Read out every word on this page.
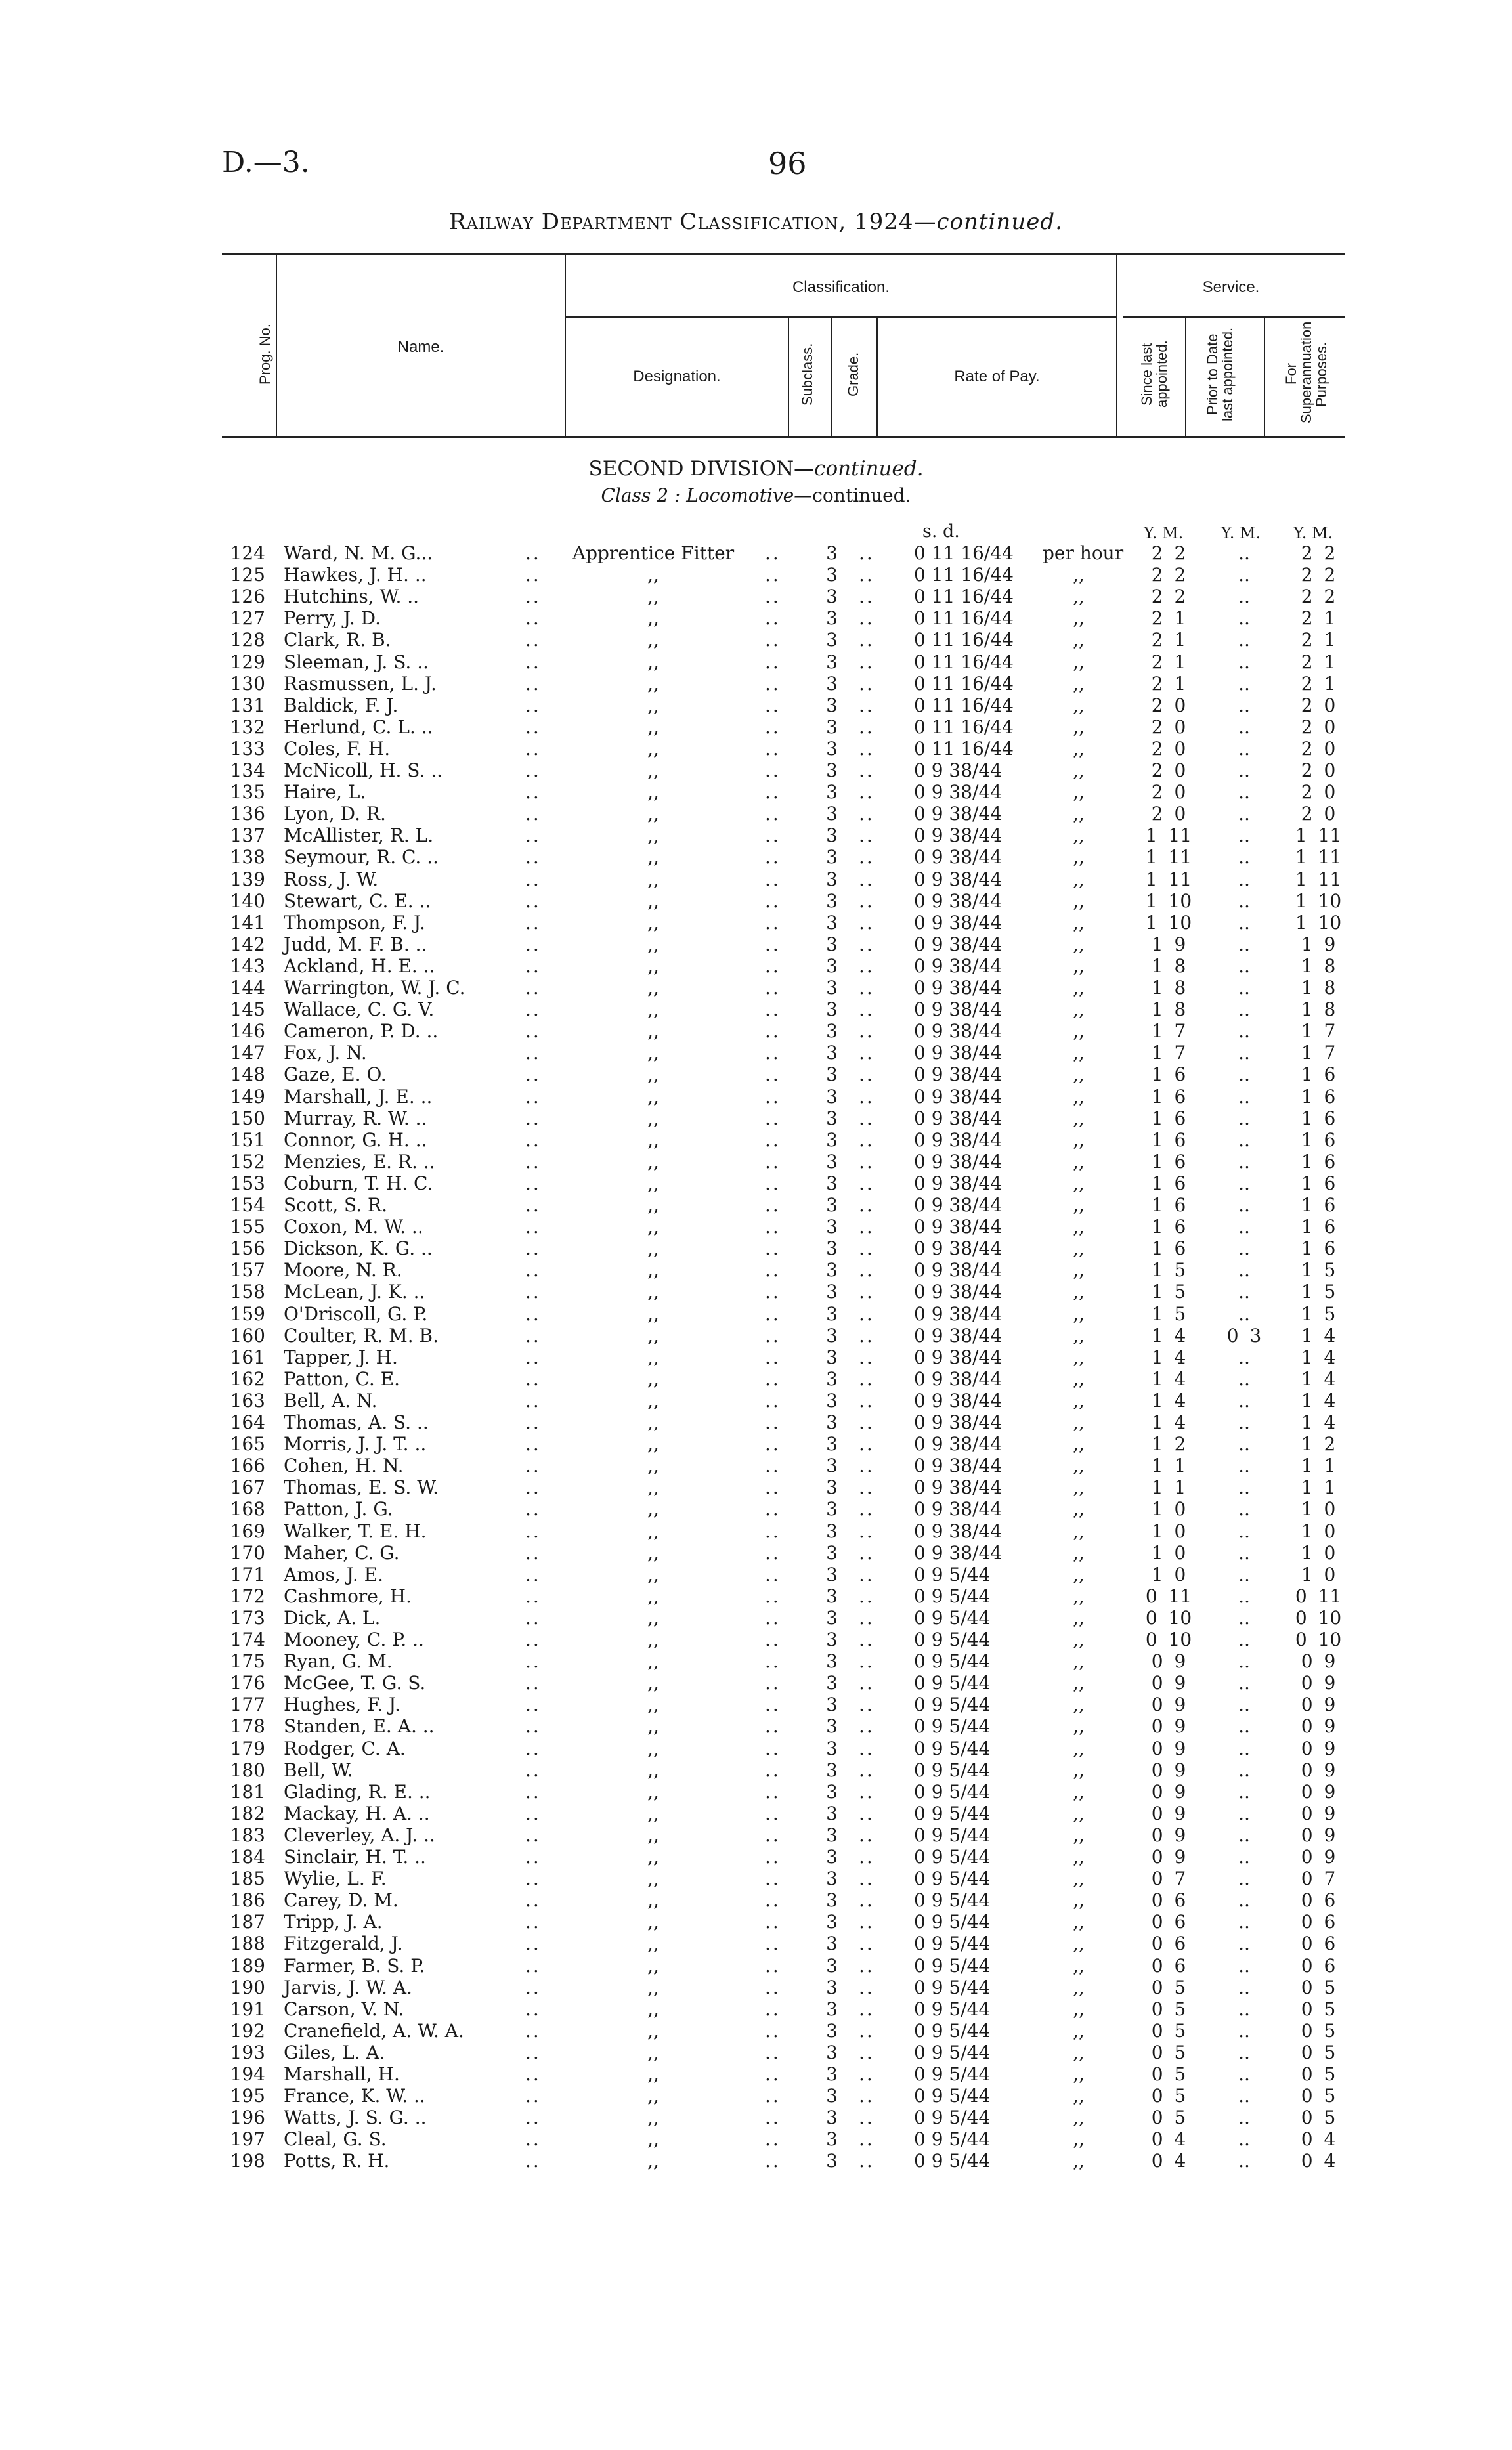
D.—3.	96
Railway Department Classification, 1924—continued.
Prog. No.	Name.
Classification.	Service.
Designation.	Subclass. Grade.	Rate of Pay.	Since last appointed. Prior to Date last appointed.	For Superannuation Purposes.
SECOND DIVISION—continued.
Class 2 : Locomotive—continued.
s. d.	Y. M. Y. M. Y. M.
124 Ward, N. M. G...	..	Apprentice Fitter	.. 3 .. 0 11 16/44 per hour	2 2	..	2 2
125 Hawkes, J. H. ..	..	,,	.. 3 .. 0 11 16/44	,,	2 2	..	2 2
126 Hutchins, W. ..	..	,,	.. 3 .. 0 11 16/44	,,	2 2	..	2 2
127 Perry, J. D.	..	,,	.. 3 .. 0 11 16/44	,,	2 1	..	2 1
128 Clark, R. B.	..	,,	.. 3 .. 0 11 16/44	,,	2 1	..	2 1
129 Sleeman, J. S. ..	..	,,	.. 3 .. 0 11 16/44	,,	2 1	..	2 1
130 Rasmussen, L. J.	..	,,	.. 3 .. 0 11 16/44	,,	2 1	..	2 1
131 Baldick, F. J.	..	,,	.. 3 .. 0 11 16/44	,,	2 0	..	2 0
132 Herlund, C. L. ..	..	,,	.. 3 .. 0 11 16/44	,,	2 0	..	2 0
133 Coles, F. H.	..	,,	.. 3 .. 0 11 16/44	,,	2 0	..	2 0
134 McNicoll, H. S. ..	..	,,	.. 3 .. 0 9 38/44	,,	2 0	..	2 0
135 Haire, L.	..	,,	.. 3 .. 0 9 38/44	,,	2 0	..	2 0
136 Lyon, D. R.	..	,,	.. 3 .. 0 9 38/44	,,	2 0	..	2 0
137 McAllister, R. L.	..	,,	.. 3 .. 0 9 38/44	,,	1 11	..	1 11
138 Seymour, R. C. ..	..	,,	.. 3 .. 0 9 38/44	,,	1 11	..	1 11
139 Ross, J. W.	..	,,	.. 3 .. 0 9 38/44	,,	1 11	..	1 11
140 Stewart, C. E. ..	..	,,	.. 3 .. 0 9 38/44	,,	1 10	..	1 10
141 Thompson, F. J.	..	,,	.. 3 .. 0 9 38/44	,,	1 10	..	1 10
142 Judd, M. F. B. ..	..	,,	.. 3 .. 0 9 38/44	,,	1 9	..	1 9
143 Ackland, H. E. ..	..	,,	.. 3 .. 0 9 38/44	,,	1 8	..	1 8
144 Warrington, W. J. C.	..	,,	.. 3 .. 0 9 38/44	,,	1 8	..	1 8
145 Wallace, C. G. V.	..	,,	.. 3 .. 0 9 38/44	,,	1 8	..	1 8
146 Cameron, P. D. ..	..	,,	.. 3 .. 0 9 38/44	,,	1 7	..	1 7
147 Fox, J. N.	..	,,	.. 3 .. 0 9 38/44	,,	1 7	..	1 7
148 Gaze, E. O.	..	,,	.. 3 .. 0 9 38/44	,,	1 6	..	1 6
149 Marshall, J. E. ..	..	,,	.. 3 .. 0 9 38/44	,,	1 6	..	1 6
150 Murray, R. W. ..	..	,,	.. 3 .. 0 9 38/44	,,	1 6	..	1 6
151 Connor, G. H. ..	..	,,	.. 3 .. 0 9 38/44	,,	1 6	..	1 6
152 Menzies, E. R. ..	..	,,	.. 3 .. 0 9 38/44	,,	1 6	..	1 6
153 Coburn, T. H. C.	..	,,	.. 3 .. 0 9 38/44	,,	1 6	..	1 6
154 Scott, S. R.	..	,,	.. 3 .. 0 9 38/44	,,	1 6	..	1 6
155 Coxon, M. W. ..	..	,,	.. 3 .. 0 9 38/44	,,	1 6	..	1 6
156 Dickson, K. G. ..	..	,,	.. 3 .. 0 9 38/44	,,	1 6	..	1 6
157 Moore, N. R.	..	,,	.. 3 .. 0 9 38/44	,,	1 5	..	1 5
158 McLean, J. K. ..	..	,,	.. 3 .. 0 9 38/44	,,	1 5	..	1 5
159 O'Driscoll, G. P.	..	,,	.. 3 .. 0 9 38/44	,,	1 5	..	1 5
160 Coulter, R. M. B.	..	,,	.. 3 .. 0 9 38/44	,,	1 4	0 3	1 4
161 Tapper, J. H.	..	,,	.. 3 .. 0 9 38/44	,,	1 4	..	1 4
162 Patton, C. E.	..	,,	.. 3 .. 0 9 38/44	,,	1 4	..	1 4
163 Bell, A. N.	..	,,	.. 3 .. 0 9 38/44	,,	1 4	..	1 4
164 Thomas, A. S. ..	..	,,	.. 3 .. 0 9 38/44	,,	1 4	..	1 4
165 Morris, J. J. T. ..	..	,,	.. 3 .. 0 9 38/44	,,	1 2	..	1 2
166 Cohen, H. N.	..	,,	.. 3 .. 0 9 38/44	,,	1 1	..	1 1
167 Thomas, E. S. W.	..	,,	.. 3 .. 0 9 38/44	,,	1 1	..	1 1
168 Patton, J. G.	..	,,	.. 3 .. 0 9 38/44	,,	1 0	..	1 0
169 Walker, T. E. H.	..	,,	.. 3 .. 0 9 38/44	,,	1 0	..	1 0
170 Maher, C. G.	..	,,	.. 3 .. 0 9 38/44	,,	1 0	..	1 0
171 Amos, J. E.	..	,,	.. 3 .. 0 9 5/44	,,	1 0	..	1 0
172 Cashmore, H.	..	,,	.. 3 .. 0 9 5/44	,,	0 11	..	0 11
173 Dick, A. L.	..	,,	.. 3 .. 0 9 5/44	,,	0 10	..	0 10
174 Mooney, C. P. ..	..	,,	.. 3 .. 0 9 5/44	,,	0 10	..	0 10
175 Ryan, G. M.	..	,,	.. 3 .. 0 9 5/44	,,	0 9	..	0 9
176 McGee, T. G. S.	..	,,	.. 3 .. 0 9 5/44	,,	0 9	..	0 9
177 Hughes, F. J.	..	,,	.. 3 .. 0 9 5/44	,,	0 9	..	0 9
178 Standen, E. A. ..	..	,,	.. 3 .. 0 9 5/44	,,	0 9	..	0 9
179 Rodger, C. A.	..	,,	.. 3 .. 0 9 5/44	,,	0 9	..	0 9
180 Bell, W.	..	,,	.. 3 .. 0 9 5/44	,,	0 9	..	0 9
181 Glading, R. E. ..	..	,,	.. 3 .. 0 9 5/44	,,	0 9	..	0 9
182 Mackay, H. A. ..	..	,,	.. 3 .. 0 9 5/44	,,	0 9	..	0 9
183 Cleverley, A. J. ..	..	,,	.. 3 .. 0 9 5/44	,,	0 9	..	0 9
184 Sinclair, H. T. ..	..	,,	.. 3 .. 0 9 5/44	,,	0 9	..	0 9
185 Wylie, L. F.	..	,,	.. 3 .. 0 9 5/44	,,	0 7	..	0 7
186 Carey, D. M.	..	,,	.. 3 .. 0 9 5/44	,,	0 6	..	0 6
187 Tripp, J. A.	..	,,	.. 3 .. 0 9 5/44	,,	0 6	..	0 6
188 Fitzgerald, J.	..	,,	.. 3 .. 0 9 5/44	,,	0 6	..	0 6
189 Farmer, B. S. P.	..	,,	.. 3 .. 0 9 5/44	,,	0 6	..	0 6
190 Jarvis, J. W. A.	..	,,	.. 3 .. 0 9 5/44	,,	0 5	..	0 5
191 Carson, V. N.	..	,,	.. 3 .. 0 9 5/44	,,	0 5	..	0 5
192 Cranefield, A. W. A.	..	,,	.. 3 .. 0 9 5/44	,,	0 5	..	0 5
193 Giles, L. A.	..	,,	.. 3 .. 0 9 5/44	,,	0 5	..	0 5
194 Marshall, H.	..	,,	.. 3 .. 0 9 5/44	,,	0 5	..	0 5
195 France, K. W. ..	..	,,	.. 3 .. 0 9 5/44	,,	0 5	..	0 5
196 Watts, J. S. G. ..	..	,,	.. 3 .. 0 9 5/44	,,	0 5	..	0 5
197 Cleal, G. S.	..	,,	.. 3 .. 0 9 5/44	,,	0 4	..	0 4
198 Potts, R. H.	..	,,	.. 3 .. 0 9 5/44	,,	0 4	..	0 4
